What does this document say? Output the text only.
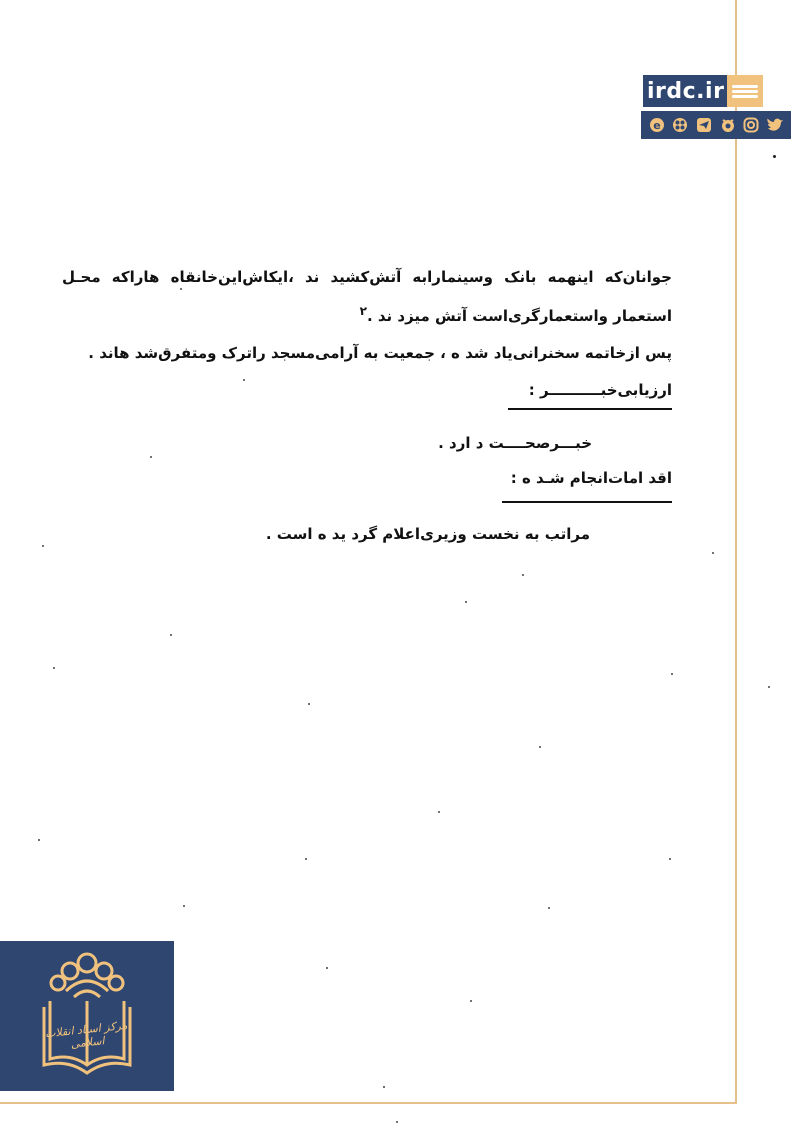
irdc.ir
e
جوانان‌که اینهمه بانک وسینمارابه آتش‌کشید ند ،ایکاش‌این‌خانقاه هاراکه محـل
استعمار واستعمارگری‌است آتش میزد ند .$^۲$
پس ازخاتمه سخنرانی‌یاد شد ه ، جمعیت به آرامی‌مسجد راترک ومتفرق‌شد هاند .
ارزیابی‌خبــــــــــر :
خبـــرصحــــت د ارد .
اقد امات‌انجام شـد ه :
مراتب به نخست وزیری‌اعلام گرد ید ه است .
مرکز اسناد انقلاب اسلامی
